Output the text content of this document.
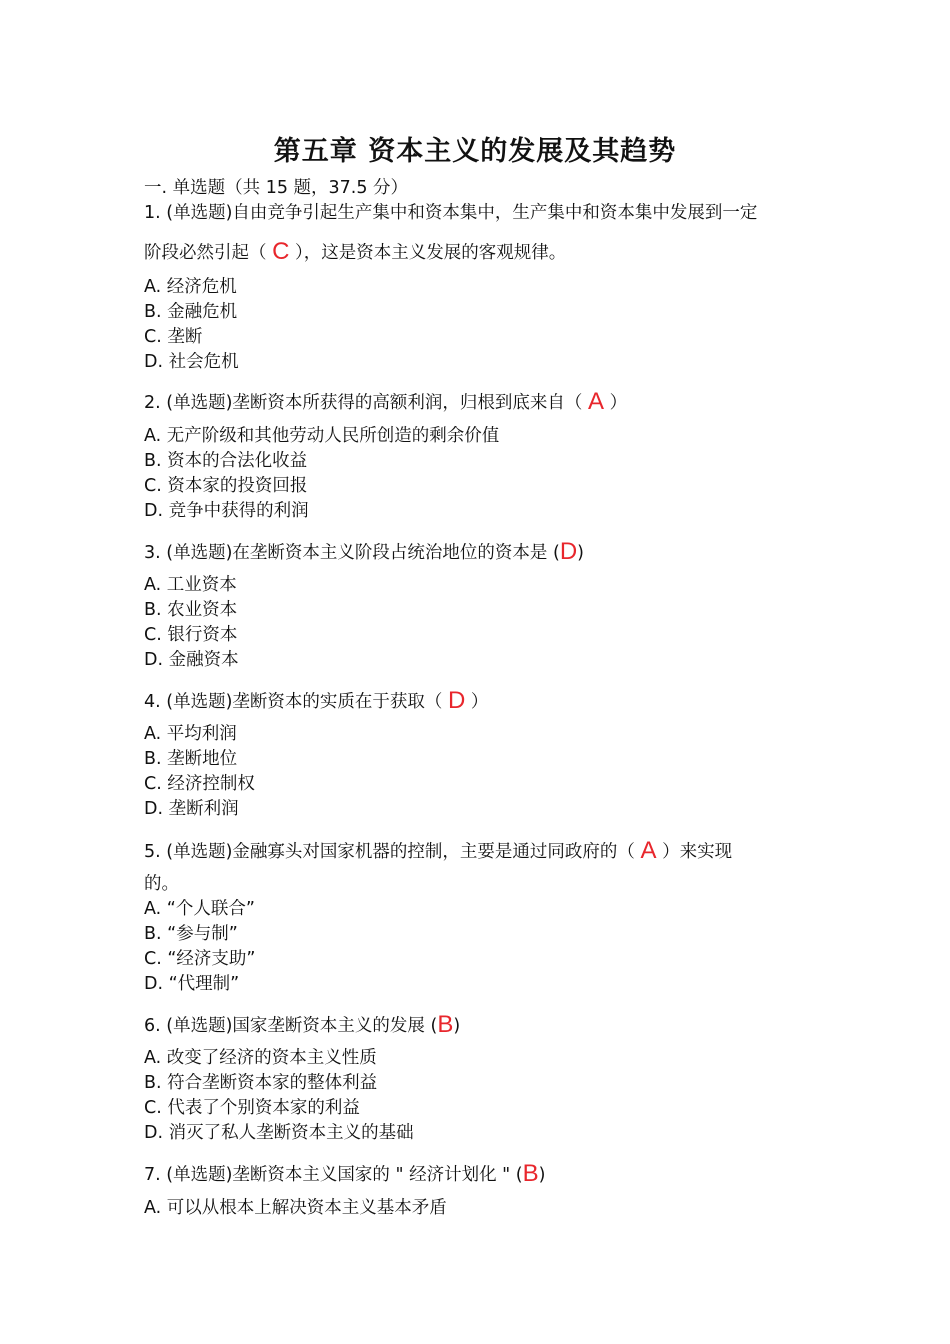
第五章 资本主义的发展及其趋势
一. 单选题（共 15 题，37.5 分）
1. (单选题)自由竞争引起生产集中和资本集中，生产集中和资本集中发展到一定
阶段必然引起（ C ），这是资本主义发展的客观规律。
A. 经济危机
B. 金融危机
C. 垄断
D. 社会危机
2. (单选题)垄断资本所获得的高额利润，归根到底来自（ A ）
A. 无产阶级和其他劳动人民所创造的剩余价值
B. 资本的合法化收益
C. 资本家的投资回报
D. 竞争中获得的利润
3. (单选题)在垄断资本主义阶段占统治地位的资本是 (D)
A. 工业资本
B. 农业资本
C. 银行资本
D. 金融资本
4. (单选题)垄断资本的实质在于获取（ D ）
A. 平均利润
B. 垄断地位
C. 经济控制权
D. 垄断利润
5. (单选题)金融寡头对国家机器的控制，主要是通过同政府的（ A ）来实现
的。
A. “个人联合”
B. “参与制”
C. “经济支助”
D. “代理制”
6. (单选题)国家垄断资本主义的发展 (B)
A. 改变了经济的资本主义性质
B. 符合垄断资本家的整体利益
C. 代表了个别资本家的利益
D. 消灭了私人垄断资本主义的基础
7. (单选题)垄断资本主义国家的 " 经济计划化 " (B)
A. 可以从根本上解决资本主义基本矛盾
